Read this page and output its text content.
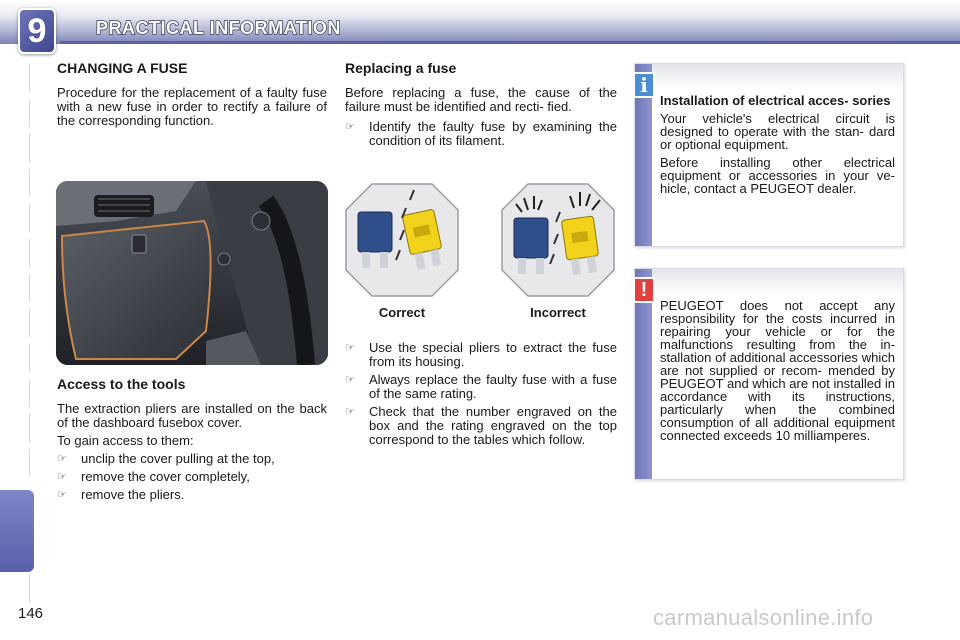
9	PRACTICAL INFORMATION
CHANGING A FUSE

Procedure for the replacement of a faulty fuse with a new fuse in order to rectify a failure of the corresponding function.

Access to the tools

The extraction pliers are installed on the back of the dashboard fusebox cover.

To gain access to them:

☞	unclip the cover pulling at the top,
☞	remove the cover completely,
☞	remove the pliers.
Replacing a fuse

Before replacing a fuse, the cause of the failure must be identified and recti- fied.

☞	Identify the faulty fuse by examining the condition of its filament.
Correct	Incorrect
☞	Use the special pliers to extract the fuse from its housing.
☞	Always replace the faulty fuse with a fuse of the same rating.
☞	Check that the number engraved on the box and the rating engraved on the top correspond to the tables which follow.
i

Installation of electrical acces- sories

Your vehicle's electrical circuit is designed to operate with the stan- dard or optional equipment.

Before installing other electrical equipment or accessories in your ve- hicle, contact a PEUGEOT dealer.

!

PEUGEOT does not accept any responsibility for the costs incurred in repairing your vehicle or for the malfunctions resulting from the in- stallation of additional accessories which are not supplied or recom- mended by PEUGEOT and which are not installed in accordance with its instructions, particularly when the combined consumption of all additional equipment connected exceeds 10 milliamperes.

146	carmanualsonline.info
